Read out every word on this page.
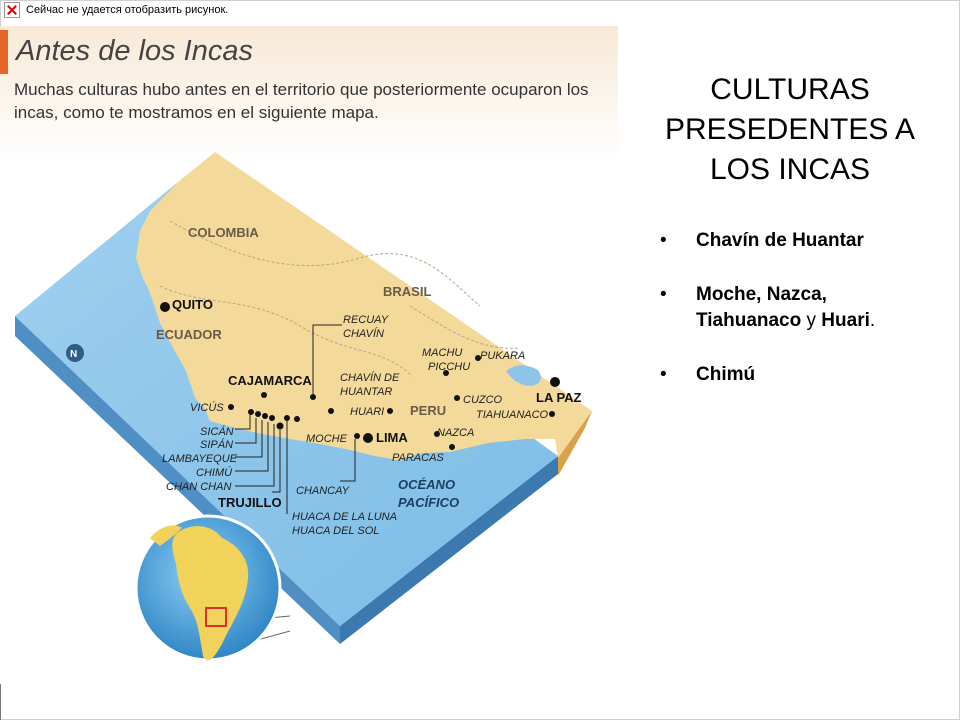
Сейчас не удается отобразить рисунок.
Antes de los Incas
Muchas culturas hubo antes en el territorio que posteriormente ocuparon los
incas, como te mostramos en el siguiente mapa.
COLOMBIA
BRASIL
ECUADOR
PERU
QUITO
CAJAMARCA
LIMA
LA PAZ
TRUJILLO
VICÚS
SICÁN
SIPÁN
LAMBAYEQUE
CHIMÚ
CHAN CHAN
RECUAY
CHAVÍN
CHAVÍN DE
HUANTAR
HUARI
MOCHE
CHANCAY
HUACA DE LA LUNA
HUACA DEL SOL
MACHU
PICCHU
PUKARA
CUZCO
TIAHUANACO
NAZCA
PARACAS
OCÉANO
PACÍFICO
N
CULTURAS PRESEDENTES A LOS INCAS
• Chavín de Huantar
• Moche, Nazca,
Tiahuanaco y Huari.
• Chimú
